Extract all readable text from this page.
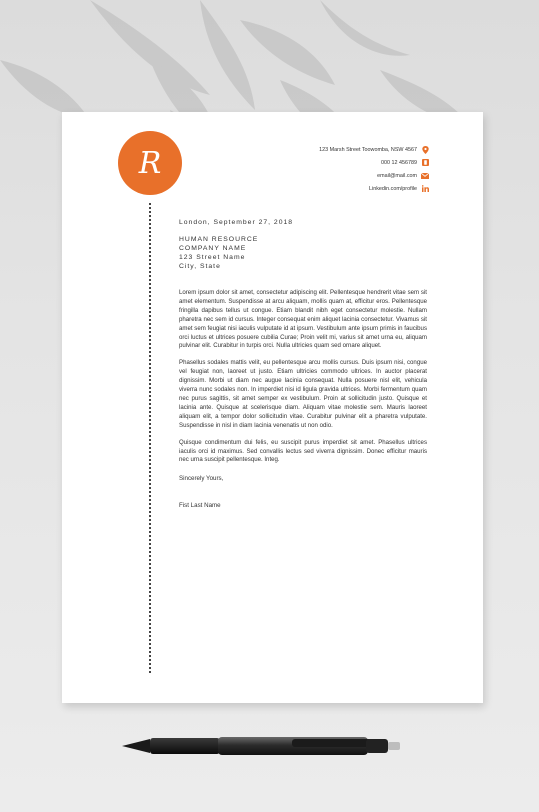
R	123 Marsh Street Toowomba, NSW 4567
000 12 456789
email@mail.com
Linkedin.com/profile
London, September 27, 2018
HUMAN RESOURCE
COMPANY NAME
123 Street Name
City, State

Lorem ipsum dolor sit amet, consectetur adipiscing elit. Pellentesque hendrerit vitae sem sit amet elementum. Suspendisse at arcu aliquam, mollis quam at, efficitur eros. Pellentesque fringilla dapibus tellus ut congue. Etiam blandit nibh eget consectetur molestie. Nullam pharetra nec sem id cursus. Integer consequat enim aliquet lacinia consectetur. Vivamus sit amet sem feugiat nisi iaculis vulputate id at ipsum. Vestibulum ante ipsum primis in faucibus orci luctus et ultrices posuere cubilia Curae; Proin velit mi, varius sit amet urna eu, aliquam pulvinar elit. Curabitur in turpis orci. Nulla ultricies quam sed ornare aliquet.

Phasellus sodales mattis velit, eu pellentesque arcu mollis cursus. Duis ipsum nisi, congue vel feugiat non, laoreet ut justo. Etiam ultricies commodo ultrices. In auctor placerat dignissim. Morbi ut diam nec augue lacinia consequat. Nulla posuere nisl elit, vehicula viverra nunc sodales non. In imperdiet nisi id ligula gravida ultrices. Morbi fermentum quam nec purus sagittis, sit amet semper ex vestibulum. Proin at sollicitudin justo. Quisque et lacinia ante. Quisque at scelerisque diam. Aliquam vitae molestie sem. Mauris laoreet aliquam elit, a tempor dolor sollicitudin vitae. Curabitur pulvinar elit a pharetra vulputate. Suspendisse in nisl in diam lacinia venenatis ut non odio.

Quisque condimentum dui felis, eu suscipit purus imperdiet sit amet. Phasellus ultrices iaculis orci id maximus. Sed convallis lectus sed viverra dignissim. Donec efficitur mauris nec urna suscipit pellentesque. Integ.

Sincerely Yours,
Fist Last Name
